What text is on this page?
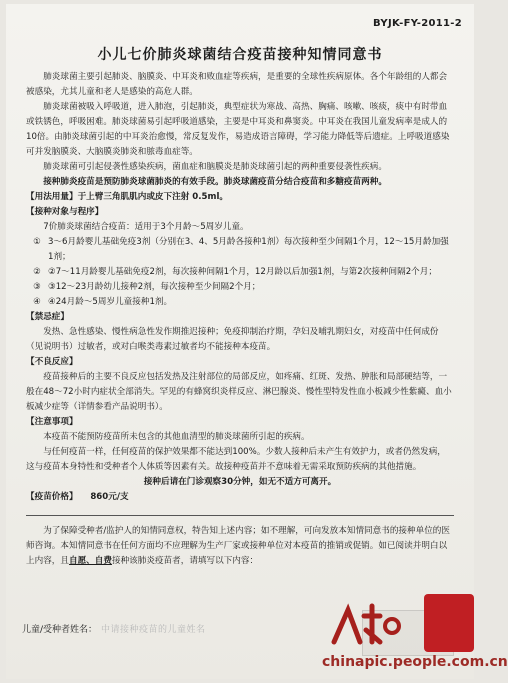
BYJK-FY-2011-2
小儿七价肺炎球菌结合疫苗接种知情同意书

肺炎球菌主要引起肺炎、脑膜炎、中耳炎和败血症等疾病，是重要的全球性疾病原体。各个年龄组的人都会被感染，尤其儿童和老人是感染的高危人群。

肺炎球菌被吸入呼吸道，进入肺泡，引起肺炎，典型症状为寒战、高热、胸痛、咳嗽、咳痰，痰中有时带血或铁锈色，呼吸困难。肺炎球菌易引起呼吸道感染，主要是中耳炎和鼻窦炎。中耳炎在我国儿童发病率是成人的10倍。由肺炎球菌引起的中耳炎治愈慢，常反复发作，易造成语言障碍，学习能力降低等后遗症。上呼吸道感染可并发脑膜炎、大脑膜炎肺炎和脓毒血症等。

肺炎球菌可引起侵袭性感染疾病，菌血症和脑膜炎是肺炎球菌引起的两种重要侵袭性疾病。

接种肺炎疫苗是预防肺炎球菌肺炎的有效手段。肺炎球菌疫苗分结合疫苗和多糖疫苗两种。

【用法用量】于上臂三角肌肌内或皮下注射 0.5ml。

【接种对象与程序】

7价肺炎球菌结合疫苗：适用于3个月龄～5周岁儿童。

① 3～6月龄婴儿基础免疫3剂（分别在3、4、5月龄各接种1剂）每次接种至少间隔1个月，12～15月龄加强1剂；
② ②7～11月龄婴儿基础免疫2剂，每次接种间隔1个月，12月龄以后加强1剂，与第2次接种间隔2个月；
③ ③12～23月龄幼儿接种2剂，每次接种至少间隔2个月；
④ ④24月龄～5周岁儿童接种1剂。

【禁忌症】

发热、急性感染、慢性病急性发作期推迟接种；免疫抑制治疗期，孕妇及哺乳期妇女，对疫苗中任何成份（见说明书）过敏者，或对白喉类毒素过敏者均不能接种本疫苗。

【不良反应】

疫苗接种后的主要不良反应包括发热及注射部位的局部反应，如疼痛、红斑、发热、肿胀和局部硬结等，一般在48～72小时内症状全部消失。罕见的有蜂窝织炎样反应、淋巴腺炎、慢性型特发性血小板减少性紫癜、血小板减少症等（详情参看产品说明书）。

【注意事项】

本疫苗不能预防疫苗所未包含的其他血清型的肺炎球菌所引起的疾病。

与任何疫苗一样，任何疫苗的保护效果都不能达到100%。少数人接种后未产生有效护力，或者仍然发病，这与疫苗本身特性和受种者个人体质等因素有关。故接种疫苗并不意味着无需采取预防疾病的其他措施。

接种后请在门诊观察30分钟，如无不适方可离开。

【疫苗价格】 860元/支

为了保障受种者/监护人的知情同意权，特告知上述内容；如不理解，可向发放本知情同意书的接种单位的医师咨询。本知情同意书在任何方面均不应理解为生产厂家或接种单位对本疫苗的推销或促销。如已阅读并明白以上内容，且自愿、自费接种该肺炎疫苗者，请填写以下内容：

儿童/受种者姓名： 中请接种疫苗的儿童姓名
chinapic.people.com.cn
